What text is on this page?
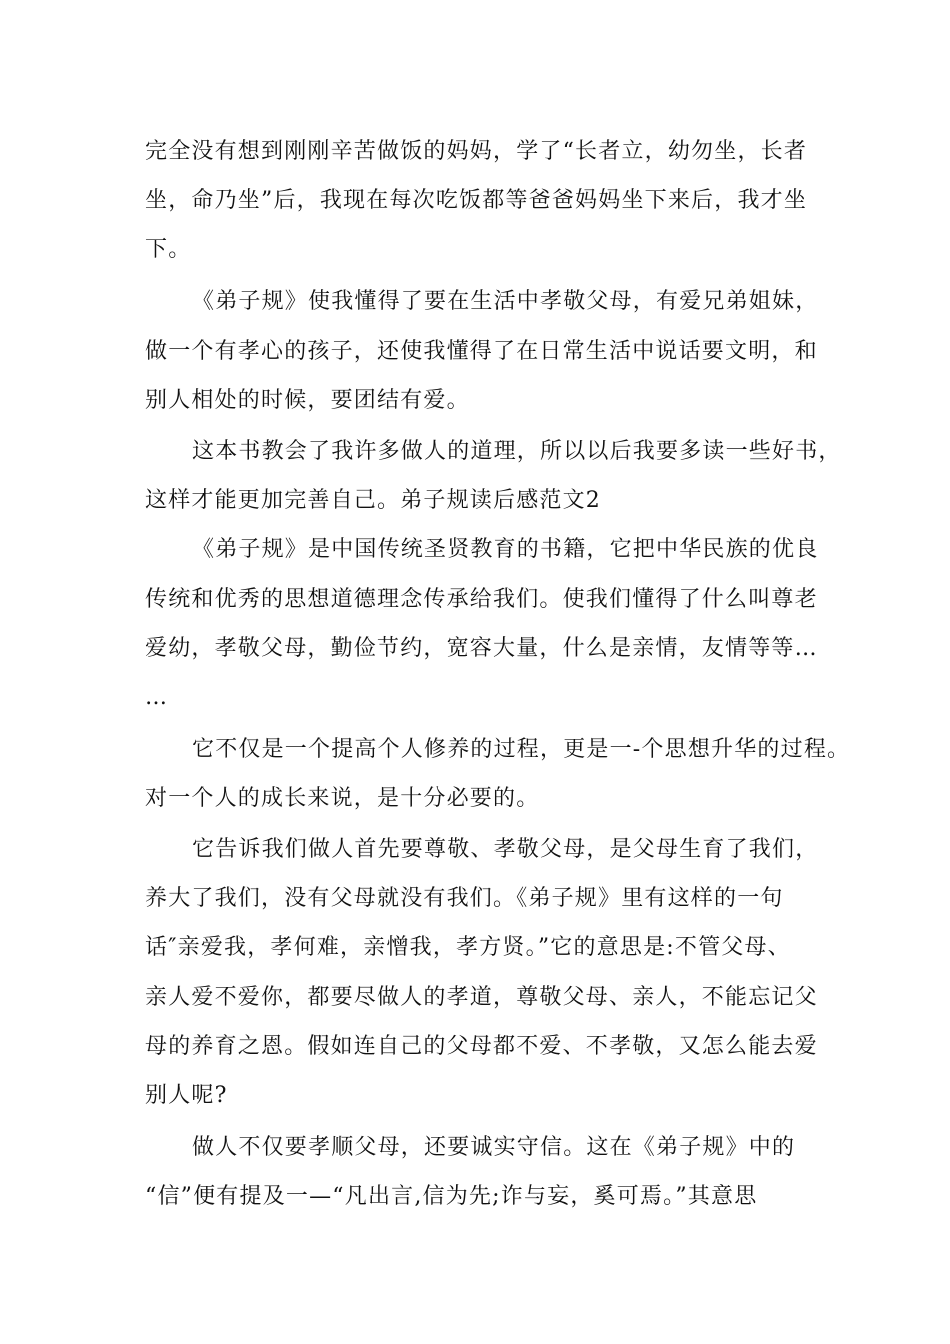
完全没有想到刚刚辛苦做饭的妈妈，学了“长者立，幼勿坐，长者
坐，命乃坐”后，我现在每次吃饭都等爸爸妈妈坐下来后，我才坐
下。
《弟子规》使我懂得了要在生活中孝敬父母，有爱兄弟姐妹，
做一个有孝心的孩子，还使我懂得了在日常生活中说话要文明，和
别人相处的时候，要团结有爱。
这本书教会了我许多做人的道理，所以以后我要多读一些好书，
这样才能更加完善自己。弟子规读后感范文2
《弟子规》是中国传统圣贤教育的书籍，它把中华民族的优良
传统和优秀的思想道德理念传承给我们。使我们懂得了什么叫尊老
爱幼，孝敬父母，勤俭节约，宽容大量，什么是亲情，友情等等…
…
它不仅是一个提高个人修养的过程，更是一-个思想升华的过程。
对一个人的成长来说，是十分必要的。
它告诉我们做人首先要尊敬、孝敬父母，是父母生育了我们，
养大了我们，没有父母就没有我们。《弟子规》里有这样的一句
话″亲爱我，孝何难，亲憎我，孝方贤。”它的意思是:不管父母、
亲人爱不爱你，都要尽做人的孝道，尊敬父母、亲人，不能忘记父
母的养育之恩。假如连自己的父母都不爱、不孝敬，又怎么能去爱
别人呢?
做人不仅要孝顺父母，还要诚实守信。这在《弟子规》中的
“信”便有提及一—“凡出言,信为先;诈与妄，奚可焉。”其意思
